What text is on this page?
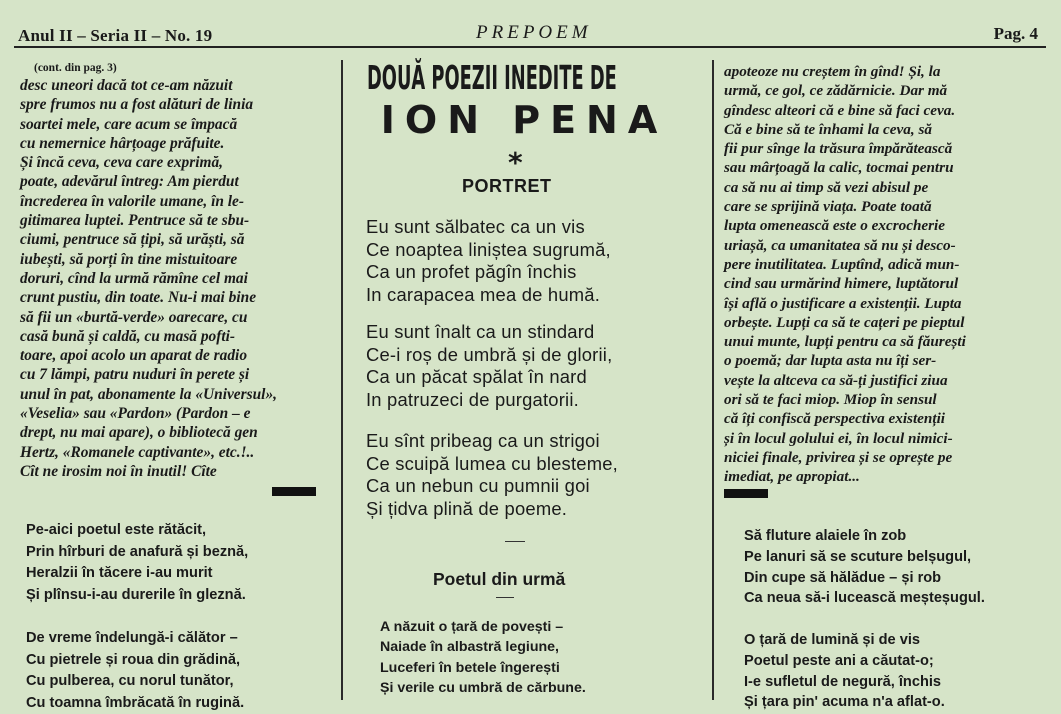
Anul II – Seria II – No. 19	PREPOEM	Pag. 4
(cont. din pag. 3)
desc uneori dacă tot ce-am năzuit
spre frumos nu a fost alături de linia
soartei mele, care acum se împacă
cu nemernice hârțoage prăfuite.
Și încă ceva, ceva care exprimă,
poate, adevărul întreg: Am pierdut
încrederea în valorile umane, în le-
gitimarea luptei. Pentruce să te sbu-
ciumi, pentruce să țipi, să urăști, să
iubești, să porți în tine mistuitoare
doruri, cînd la urmă rămîne cel mai
crunt pustiu, din toate. Nu-i mai bine
să fii un «burtă-verde» oarecare, cu
casă bună și caldă, cu masă pofti-
toare, apoi acolo un aparat de radio
cu 7 lămpi, patru nuduri în perete și
unul în pat, abonamente la «Universul»,
«Veselia» sau «Pardon» (Pardon – e
drept, nu mai apare), o bibliotecă gen
Hertz, «Romanele captivante», etc.!..
Cît ne irosim noi în inutil! Cîte
Pe-aici poetul este rătăcit,
Prin hîrburi de anafură și beznă,
Heralzii în tăcere i-au murit
Și plînsu-i-au durerile în gleznă.

De vreme îndelungă-i călător –
Cu pietrele și roua din grădină,
Cu pulberea, cu norul tunător,
Cu toamna îmbrăcată în rugină.
DOUĂ POEZII INEDITE DE
ION PENA
*
PORTRET
Eu sunt sălbatec ca un vis
Ce noaptea liniștea sugrumă,
Ca un profet păgîn închis
In carapacea mea de humă.
Eu sunt înalt ca un stindard
Ce-i roș de umbră și de glorii,
Ca un păcat spălat în nard
In patruzeci de purgatorii.
Eu sînt pribeag ca un strigoi
Ce scuipă lumea cu blesteme,
Ca un nebun cu pumnii goi
Și țidva plină de poeme.
Poetul din urmă
A năzuit o țară de povești –
Naiade în albastră legiune,
Luceferi în betele îngerești
Și verile cu umbră de cărbune.
apoteoze nu creștem în gînd! Și, la
urmă, ce gol, ce zădărnicie. Dar mă
gîndesc alteori că e bine să faci ceva.
Că e bine să te înhami la ceva, să
fii pur sînge la trăsura împărătească
sau mârțoagă la calic, tocmai pentru
ca să nu ai timp să vezi abisul pe
care se sprijină viața. Poate toată
lupta omenească este o excrocherie
uriașă, ca umanitatea să nu și desco-
pere inutilitatea. Luptînd, adică mun-
cind sau urmărind himere, luptătorul
își află o justificare a existenții. Lupta
orbește. Lupți ca să te cațeri pe pieptul
unui munte, lupți pentru ca să făurești
o poemă; dar lupta asta nu îți ser-
vește la altceva ca să-ți justifici ziua
ori să te faci miop. Miop în sensul
că îți confiscă perspectiva existenții
și în locul golului ei, în locul nimici-
niciei finale, privirea și se oprește pe
imediat, pe apropiat...
Să fluture alaiele în zob
Pe lanuri să se scuture belșugul,
Din cupe să hălădue – și rob
Ca neua să-i lucească meșteșugul.

O țară de lumină și de vis
Poetul peste ani a căutat-o;
I-e sufletul de negură, închis
Și țara pin' acuma n'a aflat-o.
